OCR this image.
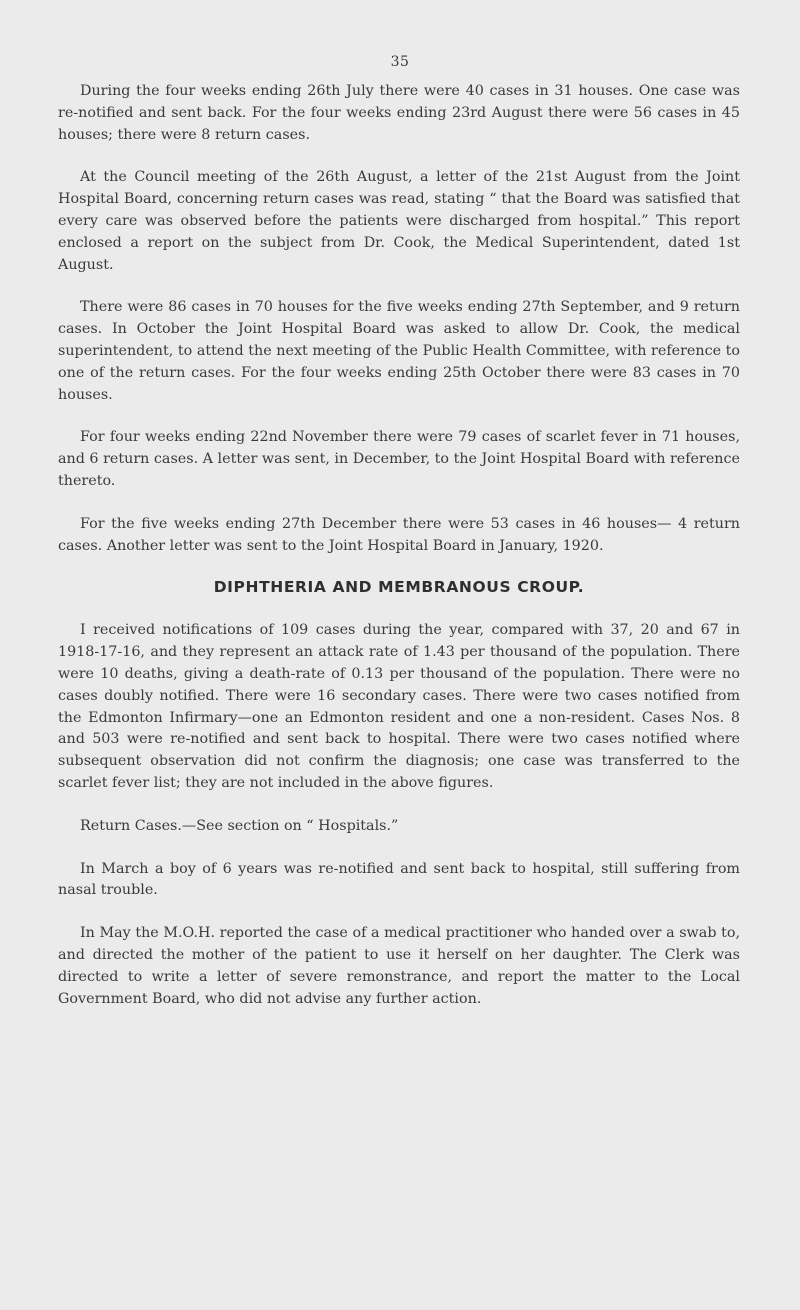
35

During the four weeks ending 26th July there were 40 cases in 31 houses. One case was re-notified and sent back. For the four weeks ending 23rd August there were 56 cases in 45 houses; there were 8 return cases.

At the Council meeting of the 26th August, a letter of the 21st August from the Joint Hospital Board, concerning return cases was read, stating “ that the Board was satisfied that every care was observed before the patients were discharged from hospital.” This report enclosed a report on the subject from Dr. Cook, the Medical Superintendent, dated 1st August.

There were 86 cases in 70 houses for the five weeks ending 27th September, and 9 return cases. In October the Joint Hospital Board was asked to allow Dr. Cook, the medical superintendent, to attend the next meeting of the Public Health Committee, with reference to one of the return cases. For the four weeks ending 25th October there were 83 cases in 70 houses.

For four weeks ending 22nd November there were 79 cases of scarlet fever in 71 houses, and 6 return cases. A letter was sent, in December, to the Joint Hospital Board with reference thereto.

For the five weeks ending 27th December there were 53 cases in 46 houses— 4 return cases. Another letter was sent to the Joint Hospital Board in January, 1920.

DIPHTHERIA AND MEMBRANOUS CROUP.

I received notifications of 109 cases during the year, compared with 37, 20 and 67 in 1918-17-16, and they represent an attack rate of 1.43 per thousand of the population. There were 10 deaths, giving a death-rate of 0.13 per thousand of the population. There were no cases doubly notified. There were 16 secondary cases. There were two cases notified from the Edmonton Infirmary—one an Edmonton resident and one a non-resident. Cases Nos. 8 and 503 were re-notified and sent back to hospital. There were two cases notified where subsequent observation did not confirm the diagnosis; one case was transferred to the scarlet fever list; they are not included in the above figures.

Return Cases.—See section on “ Hospitals.”

In March a boy of 6 years was re-notified and sent back to hospital, still suffering from nasal trouble.

In May the M.O.H. reported the case of a medical practitioner who handed over a swab to, and directed the mother of the patient to use it herself on her daughter. The Clerk was directed to write a letter of severe remonstrance, and report the matter to the Local Government Board, who did not advise any further action.
